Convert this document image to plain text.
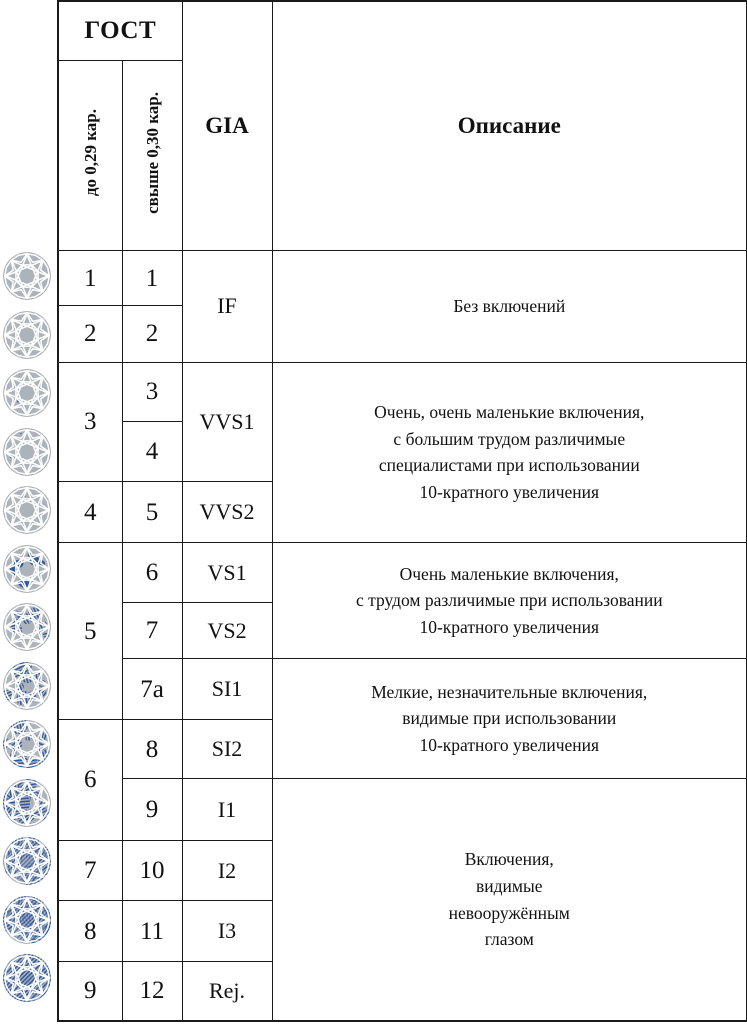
ГОСТ		GIA	Описание
до 0,29 кар.	свыше 0,30 кар.		
1	1	IF	Без включений

2	2		
3	3	VVS1	Очень, очень маленькие включения,
с большим трудом различимые
специалистами при использовании
10-кратного увеличения

	4		
4	5	VVS2	
5	6	VS1	Очень маленькие включения,
с трудом различимые при использовании
10-кратного увеличения

	7	VS2	
	7а	SI1	Мелкие, незначительные включения,
видимые при использовании
10-кратного увеличения

6	8	SI2	
	9	I1	Включения,
видимые
невооружённым
глазом

7	10	I2	
8	11	I3	
9	12	Rej.	
